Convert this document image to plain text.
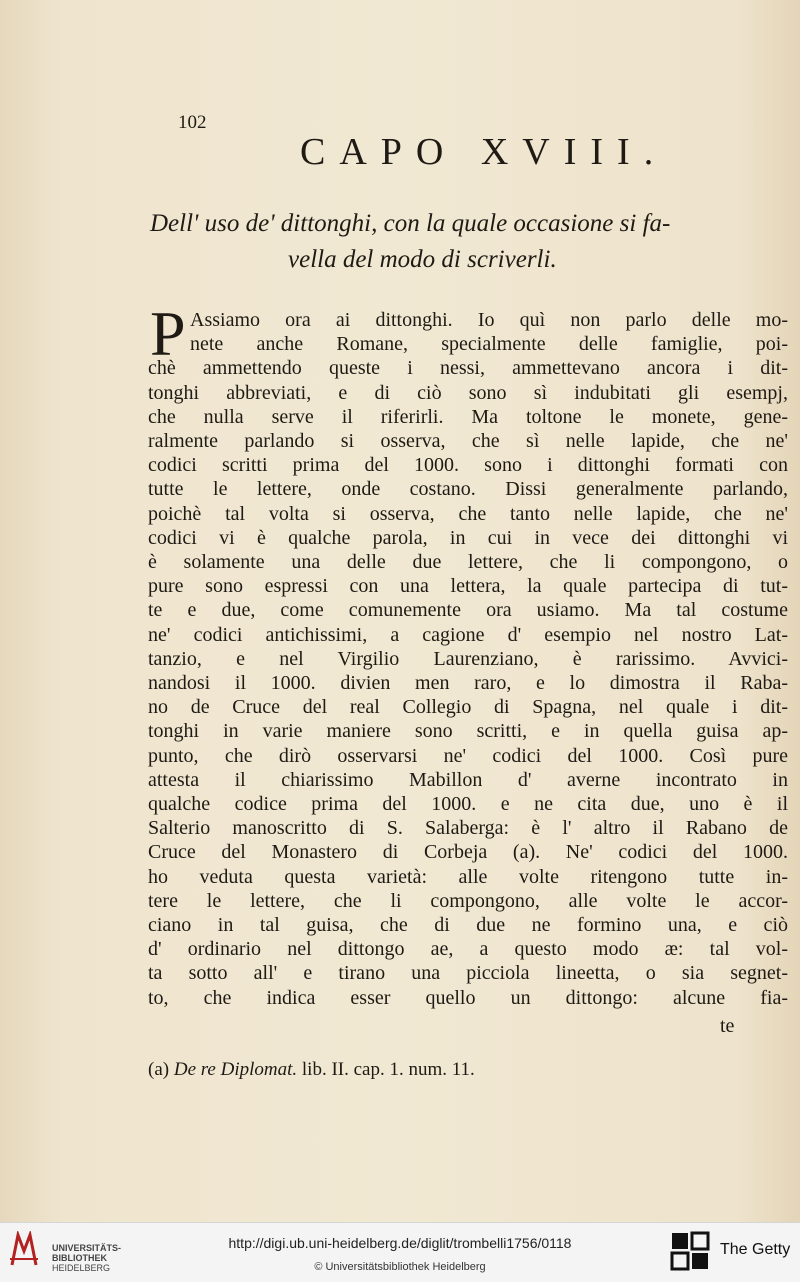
102
CAPO XVIII.
Dell' uso de' dittonghi, con la quale occasione si fa-
vella del modo di scriverli.
P Assiamo ora ai dittonghi. Io quì non parlo delle mo-
nete anche Romane, specialmente delle famiglie, poi-
chè ammettendo queste i nessi, ammettevano ancora i dit-
tonghi abbreviati, e di ciò sono sì indubitati gli esempj,
che nulla serve il riferirli. Ma toltone le monete, gene-
ralmente parlando si osserva, che sì nelle lapide, che ne'
codici scritti prima del 1000. sono i dittonghi formati con
tutte le lettere, onde costano. Dissi generalmente parlando,
poichè tal volta si osserva, che tanto nelle lapide, che ne'
codici vi è qualche parola, in cui in vece dei dittonghi vi
è solamente una delle due lettere, che li compongono, o
pure sono espressi con una lettera, la quale partecipa di tut-
te e due, come comunemente ora usiamo. Ma tal costume
ne' codici antichissimi, a cagione d' esempio nel nostro Lat-
tanzio, e nel Virgilio Laurenziano, è rarissimo. Avvici-
nandosi il 1000. divien men raro, e lo dimostra il Raba-
no de Cruce del real Collegio di Spagna, nel quale i dit-
tonghi in varie maniere sono scritti, e in quella guisa ap-
punto, che dirò osservarsi ne' codici del 1000. Così pure
attesta il chiarissimo Mabillon d' averne incontrato in
qualche codice prima del 1000. e ne cita due, uno è il
Salterio manoscritto di S. Salaberga: è l' altro il Rabano de
Cruce del Monastero di Corbeja (a). Ne' codici del 1000.
ho veduta questa varietà: alle volte ritengono tutte in-
tere le lettere, che li compongono, alle volte le accor-
ciano in tal guisa, che di due ne formino una, e ciò
d' ordinario nel dittongo ae, a questo modo æ: tal vol-
ta sotto all' e tirano una picciola lineetta, o sia segnet-
to, che indica esser quello un dittongo: alcune fia-
te
(a) De re Diplomat. lib. II. cap. 1. num. 11.
UNIVERSITÄTS-
BIBLIOTHEK
HEIDELBERG
http://digi.ub.uni-heidelberg.de/diglit/trombelli1756/0118
© Universitätsbibliothek Heidelberg
The Getty
